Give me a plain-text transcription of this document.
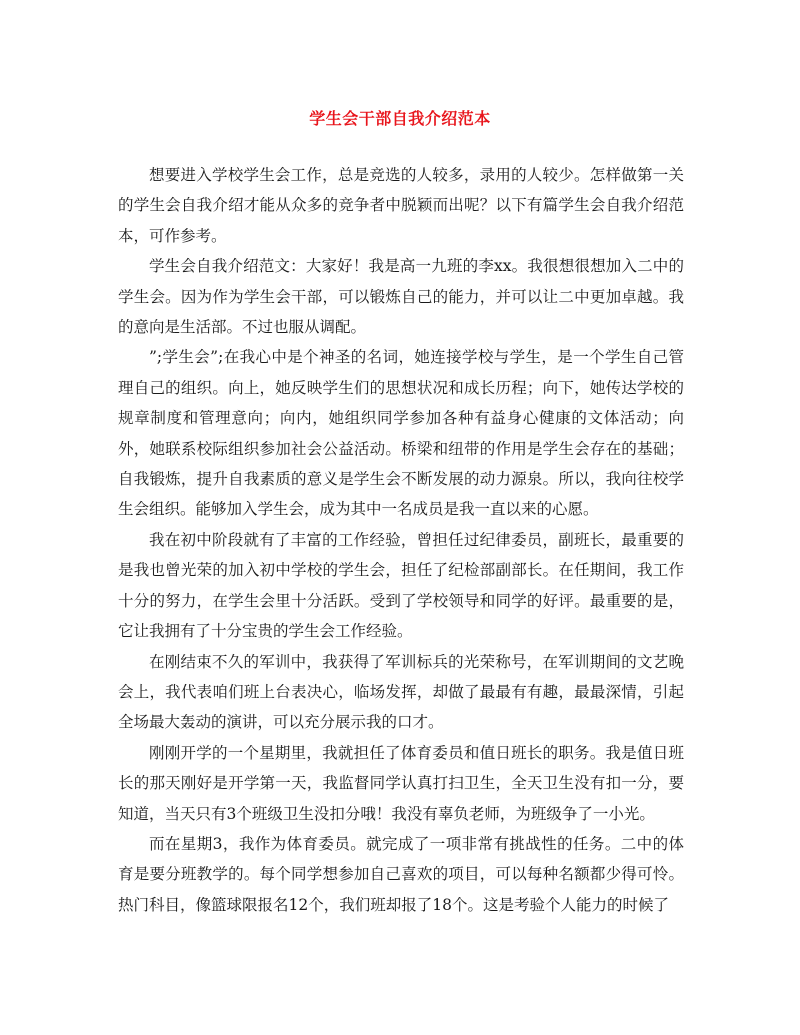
学生会干部自我介绍范本

想要进入学校学生会工作，总是竞选的人较多，录用的人较少。怎样做第一关的学生会自我介绍才能从众多的竞争者中脱颖而出呢？以下有篇学生会自我介绍范本，可作参考。

学生会自我介绍范文：大家好！我是高一九班的李xx。我很想很想加入二中的学生会。因为作为学生会干部，可以锻炼自己的能力，并可以让二中更加卓越。我的意向是生活部。不过也服从调配。

”;学生会”;在我心中是个神圣的名词，她连接学校与学生，是一个学生自己管理自己的组织。向上，她反映学生们的思想状况和成长历程；向下，她传达学校的规章制度和管理意向；向内，她组织同学参加各种有益身心健康的文体活动；向外，她联系校际组织参加社会公益活动。桥梁和纽带的作用是学生会存在的基础；自我锻炼，提升自我素质的意义是学生会不断发展的动力源泉。所以，我向往校学生会组织。能够加入学生会，成为其中一名成员是我一直以来的心愿。

我在初中阶段就有了丰富的工作经验，曾担任过纪律委员，副班长，最重要的是我也曾光荣的加入初中学校的学生会，担任了纪检部副部长。在任期间，我工作十分的努力，在学生会里十分活跃。受到了学校领导和同学的好评。最重要的是，它让我拥有了十分宝贵的学生会工作经验。

在刚结束不久的军训中，我获得了军训标兵的光荣称号，在军训期间的文艺晚会上，我代表咱们班上台表决心，临场发挥，却做了最最有有趣，最最深情，引起全场最大轰动的演讲，可以充分展示我的口才。

刚刚开学的一个星期里，我就担任了体育委员和值日班长的职务。我是值日班长的那天刚好是开学第一天，我监督同学认真打扫卫生，全天卫生没有扣一分，要知道，当天只有3个班级卫生没扣分哦！我没有辜负老师，为班级争了一小光。

而在星期3，我作为体育委员。就完成了一项非常有挑战性的任务。二中的体育是要分班教学的。每个同学想参加自己喜欢的项目，可以每种名额都少得可怜。热门科目，像篮球限报名12个，我们班却报了18个。这是考验个人能力的时候了
